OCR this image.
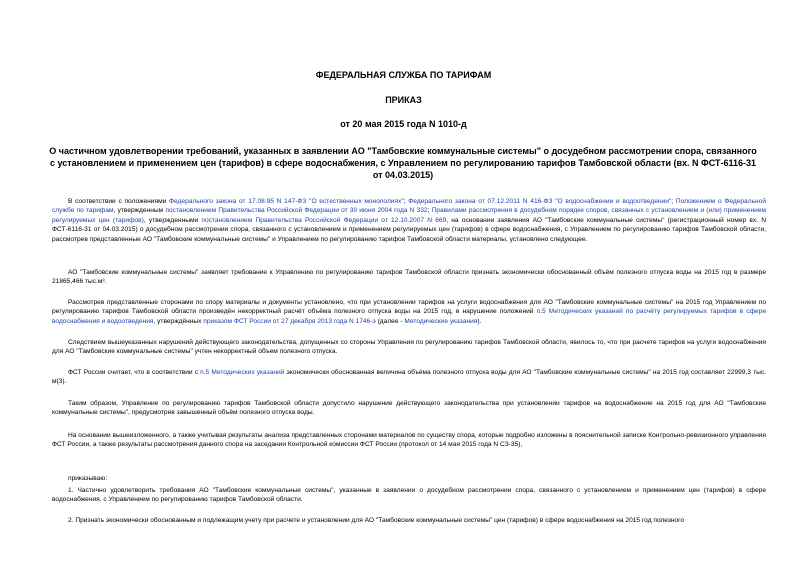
ФЕДЕРАЛЬНАЯ СЛУЖБА ПО ТАРИФАМ
ПРИКАЗ
от 20 мая 2015 года N 1010-д
О частичном удовлетворении требований, указанных в заявлении АО "Тамбовские коммунальные системы" о досудебном рассмотрении спора, связанного с установлением и применением цен (тарифов) в сфере водоснабжения, с Управлением по регулированию тарифов Тамбовской области (вх. N ФСТ-6116-31 от 04.03.2015)

В соответствии с положениями Федерального закона от 17.08.95 N 147-ФЗ "О естественных монополиях"; Федерального закона от 07.12.2011 N 416-ФЗ "О водоснабжении и водоотведении"; Положением о Федеральной службе по тарифам, утвержденным постановлением Правительства Российской Федерации от 30 июня 2004 года N 332; Правилами рассмотрения в досудебном порядке споров, связанных с установлением и (или) применением регулируемых цен (тарифов), утвержденными постановлением Правительства Российской Федерации от 12.10.2007 N 669, на основании заявления АО "Тамбовские коммунальные системы" (регистрационный номер вх. N ФСТ-6116-31 от 04.03.2015) о досудебном рассмотрении спора, связанного с установлением и применением регулируемых цен (тарифов) в сфере водоснабжения, с Управлением по регулированию тарифов Тамбовской области, рассмотрев представленные АО "Тамбовские коммунальные системы" и Управлением по регулированию тарифов Тамбовской области материалы, установлено следующее.

АО "Тамбовские коммунальные системы" заявляет требование к Управлению по регулированию тарифов Тамбовской области признать экономически обоснованный объём полезного отпуска воды на 2015 год в размере 21865,466 тыс.м³.

Рассмотрев представленные сторонами по спору материалы и документы установлено, что при установлении тарифов на услуги водоснабжения для АО "Тамбовские коммунальные системы" на 2015 год Управлением по регулированию тарифов Тамбовской области произведён некорректный расчёт объёма полезного отпуска воды на 2015 год, в нарушение положений п.5 Методических указаний по расчёту регулируемых тарифов в сфере водоснабжения и водоотведения, утверждённых приказом ФСТ России от 27 декабря 2013 года N 1746-э (далее - Методические указания).

Следствием вышеуказанных нарушений действующего законодательства, допущенных со стороны Управления по регулированию тарифов Тамбовской области, явилось то, что при расчете тарифов на услуги водоснабжения для АО "Тамбовские коммунальные системы" учтен некорректный объем полезного отпуска.

ФСТ России считает, что в соответствии с п.5 Методических указаний экономически обоснованная величина объёма полезного отпуска воды для АО "Тамбовские коммунальные системы" на 2015 год составляет 22999,3 тыс. м(3).

Таким образом, Управление по регулированию тарифов Тамбовской области допустило нарушение действующего законодательства при установлении тарифов на водоснабжение на 2015 год для АО "Тамбовские коммунальные системы", предусмотрев завышенный объём полезного отпуска воды.

На основании вышеизложенного, а также учитывая результаты анализа представленных сторонами материалов по существу спора, которые подробно изложены в пояснительной записке Контрольно-ревизионного управления ФСТ России, а также результаты рассмотрения данного спора на заседании Контрольной комиссии ФСТ России (протокол от 14 мая 2015 года N СЗ-35),

приказываю:

1. Частично удовлетворить требования АО "Тамбовские коммунальные системы", указанные в заявлении о досудебном рассмотрении спора, связанного с установлением и применением цен (тарифов) в сфере водоснабжения, с Управлением по регулированию тарифов Тамбовской области.

2. Признать экономически обоснованным и подлежащим учету при расчете и установлении для АО "Тамбовские коммунальные системы" цен (тарифов) в сфере водоснабжения на 2015 год полезного
